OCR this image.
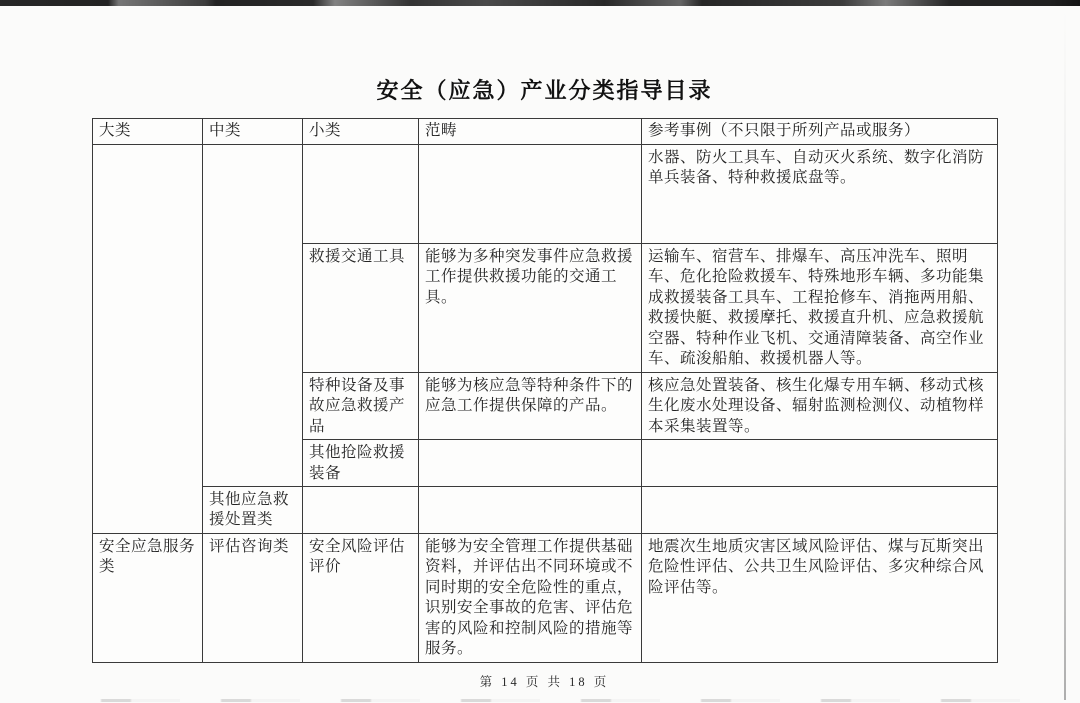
安全（应急）产业分类指导目录
大类	中类	小类	范畴	参考事例（不只限于所列产品或服务）
				水器、防火工具车、自动灭火系统、数字化消防单兵装备、特种救援底盘等。
		救援交通工具	能够为多种突发事件应急救援工作提供救援功能的交通工具。	运输车、宿营车、排爆车、高压冲洗车、照明车、危化抢险救援车、特殊地形车辆、多功能集成救援装备工具车、工程抢修车、消拖两用船、救援快艇、救援摩托、救援直升机、应急救援航空器、特种作业飞机、交通清障装备、高空作业车、疏浚船舶、救援机器人等。
		特种设备及事故应急救援产品	能够为核应急等特种条件下的应急工作提供保障的产品。	核应急处置装备、核生化爆专用车辆、移动式核生化废水处理设备、辐射监测检测仪、动植物样本采集装置等。
		其他抢险救援装备		
	其他应急救援处置类			
安全应急服务类	评估咨询类	安全风险评估评价	能够为安全管理工作提供基础资料，并评估出不同环境或不同时期的安全危险性的重点，识别安全事故的危害、评估危害的风险和控制风险的措施等服务。	地震次生地质灾害区域风险评估、煤与瓦斯突出危险性评估、公共卫生风险评估、多灾种综合风险评估等。
第 14 页 共 18 页
